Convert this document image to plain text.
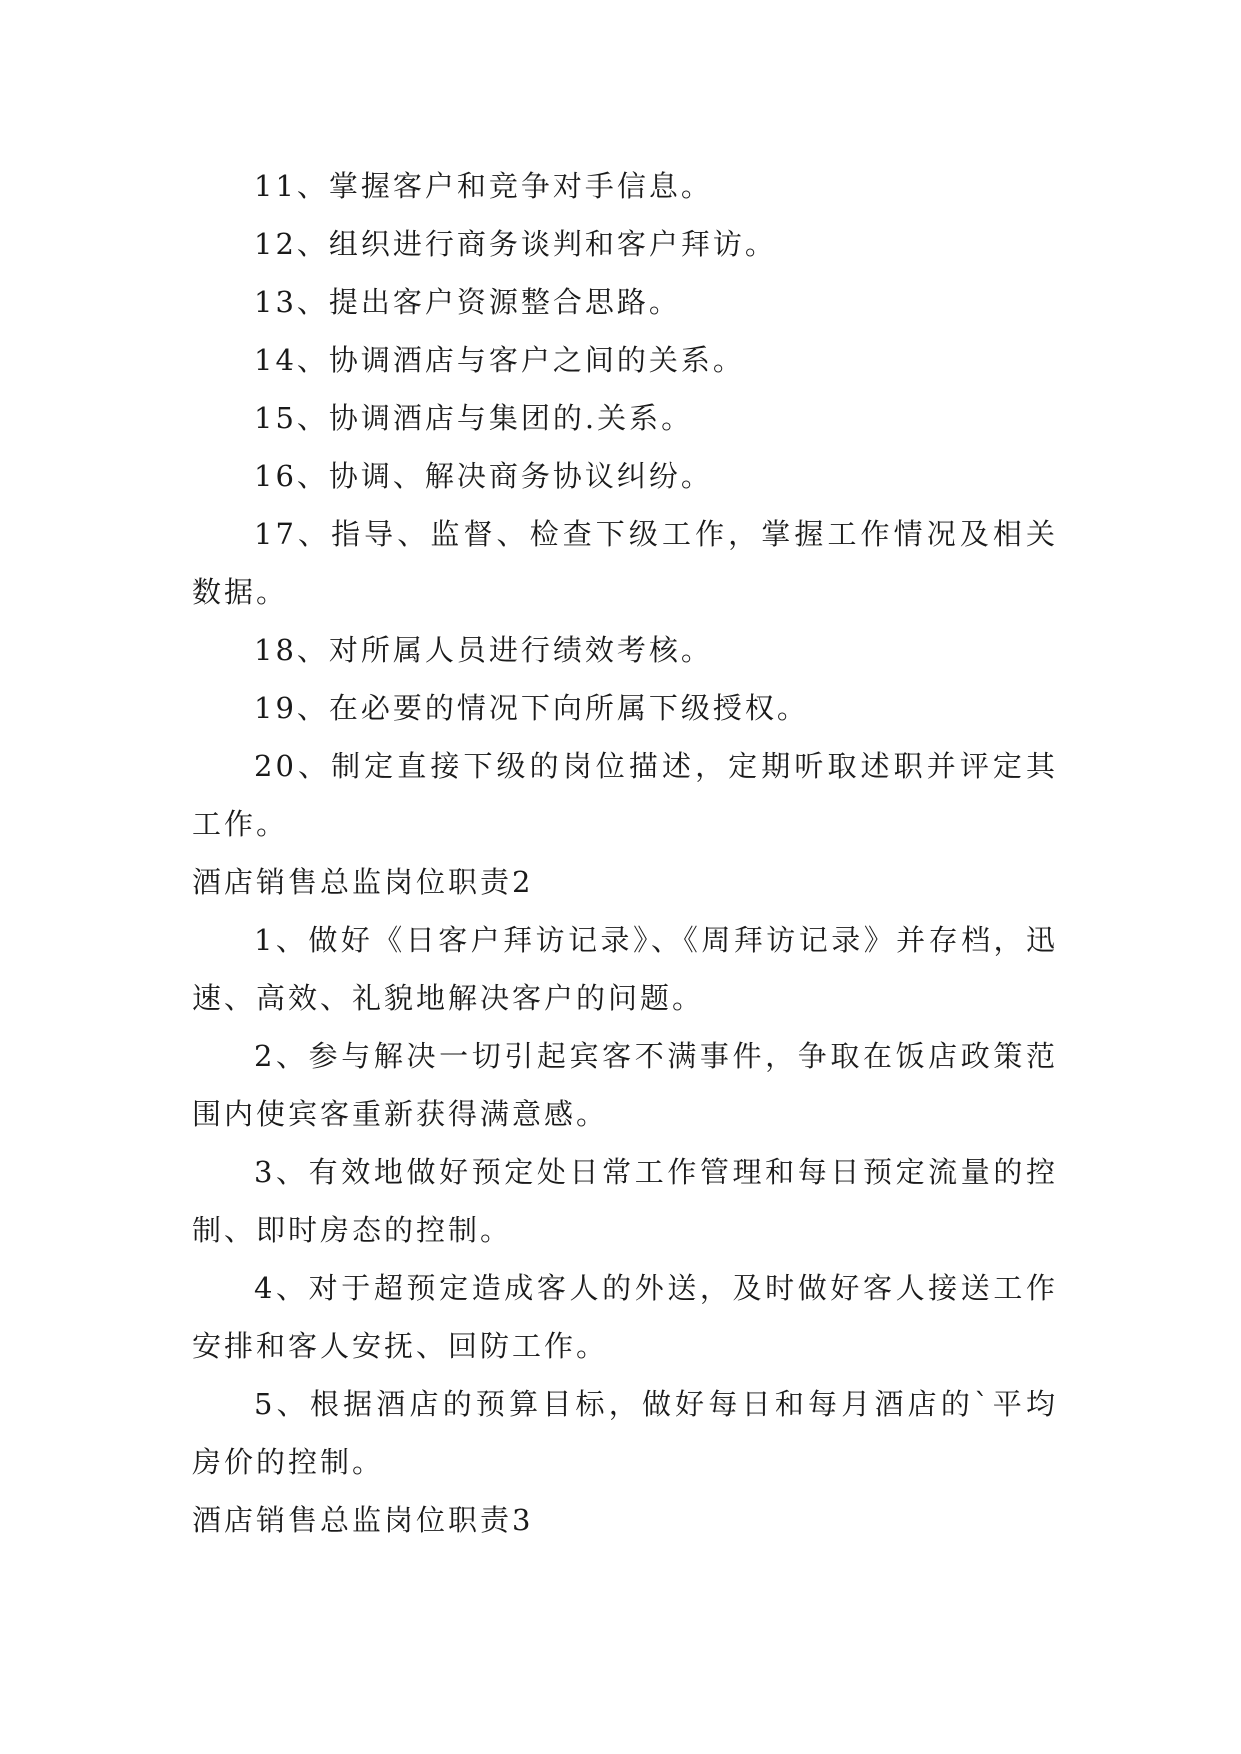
11、掌握客户和竞争对手信息。

12、组织进行商务谈判和客户拜访。

13、提出客户资源整合思路。

14、协调酒店与客户之间的关系。

15、协调酒店与集团的.关系。

16、协调、解决商务协议纠纷。

17、指导、监督、检查下级工作，掌握工作情况及相关数据。

18、对所属人员进行绩效考核。

19、在必要的情况下向所属下级授权。

20、制定直接下级的岗位描述，定期听取述职并评定其工作。

酒店销售总监岗位职责2

1、做好《日客户拜访记录》、《周拜访记录》并存档，迅速、高效、礼貌地解决客户的问题。

2、参与解决一切引起宾客不满事件，争取在饭店政策范围内使宾客重新获得满意感。

3、有效地做好预定处日常工作管理和每日预定流量的控制、即时房态的控制。

4、对于超预定造成客人的外送，及时做好客人接送工作安排和客人安抚、回防工作。

5、根据酒店的预算目标，做好每日和每月酒店的`平均房价的控制。

酒店销售总监岗位职责3
